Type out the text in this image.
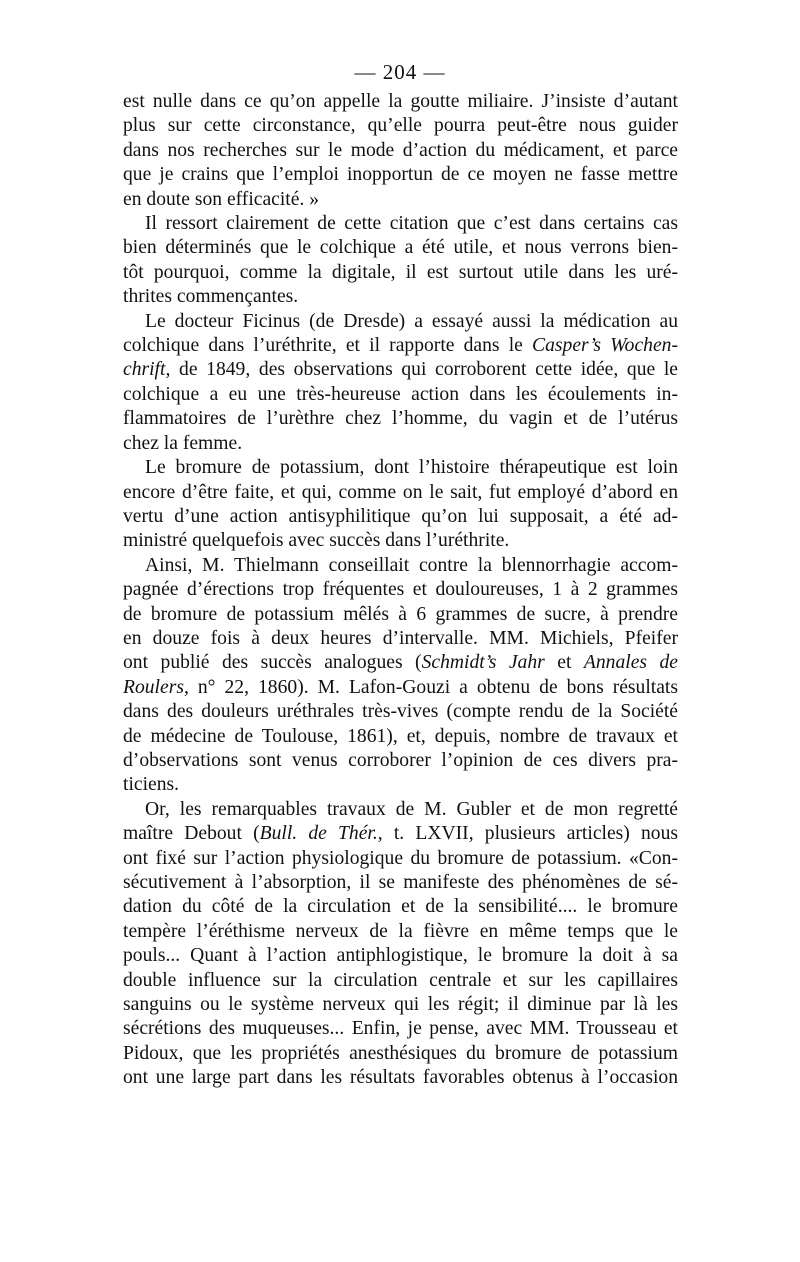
— 204 —

est nulle dans ce qu’on appelle la goutte miliaire. J’insiste d’autant
plus sur cette circonstance, qu’elle pourra peut-être nous guider
dans nos recherches sur le mode d’action du médicament, et parce
que je crains que l’emploi inopportun de ce moyen ne fasse mettre
en doute son efficacité. »

Il ressort clairement de cette citation que c’est dans certains cas
bien déterminés que le colchique a été utile, et nous verrons bien-
tôt pourquoi, comme la digitale, il est surtout utile dans les uré-
thrites commençantes.

Le docteur Ficinus (de Dresde) a essayé aussi la médication au
colchique dans l’uréthrite, et il rapporte dans le Casper’s Wochen-
chrift, de 1849, des observations qui corroborent cette idée, que le
colchique a eu une très-heureuse action dans les écoulements in-
flammatoires de l’urèthre chez l’homme, du vagin et de l’utérus
chez la femme.

Le bromure de potassium, dont l’histoire thérapeutique est loin
encore d’être faite, et qui, comme on le sait, fut employé d’abord en
vertu d’une action antisyphilitique qu’on lui supposait, a été ad-
ministré quelquefois avec succès dans l’uréthrite.

Ainsi, M. Thielmann conseillait contre la blennorrhagie accom-
pagnée d’érections trop fréquentes et douloureuses, 1 à 2 grammes
de bromure de potassium mêlés à 6 grammes de sucre, à prendre
en douze fois à deux heures d’intervalle. MM. Michiels, Pfeifer
ont publié des succès analogues (Schmidt’s Jahr et Annales de
Roulers, n° 22, 1860). M. Lafon-Gouzi a obtenu de bons résultats
dans des douleurs uréthrales très-vives (compte rendu de la Société
de médecine de Toulouse, 1861), et, depuis, nombre de travaux et
d’observations sont venus corroborer l’opinion de ces divers pra-
ticiens.

Or, les remarquables travaux de M. Gubler et de mon regretté
maître Debout (Bull. de Thér., t. LXVII, plusieurs articles) nous
ont fixé sur l’action physiologique du bromure de potassium. «Con-
sécutivement à l’absorption, il se manifeste des phénomènes de sé-
dation du côté de la circulation et de la sensibilité.... le bromure
tempère l’éréthisme nerveux de la fièvre en même temps que le
pouls... Quant à l’action antiphlogistique, le bromure la doit à sa
double influence sur la circulation centrale et sur les capillaires
sanguins ou le système nerveux qui les régit; il diminue par là les
sécrétions des muqueuses... Enfin, je pense, avec MM. Trousseau et
Pidoux, que les propriétés anesthésiques du bromure de potassium
ont une large part dans les résultats favorables obtenus à l’occasion
